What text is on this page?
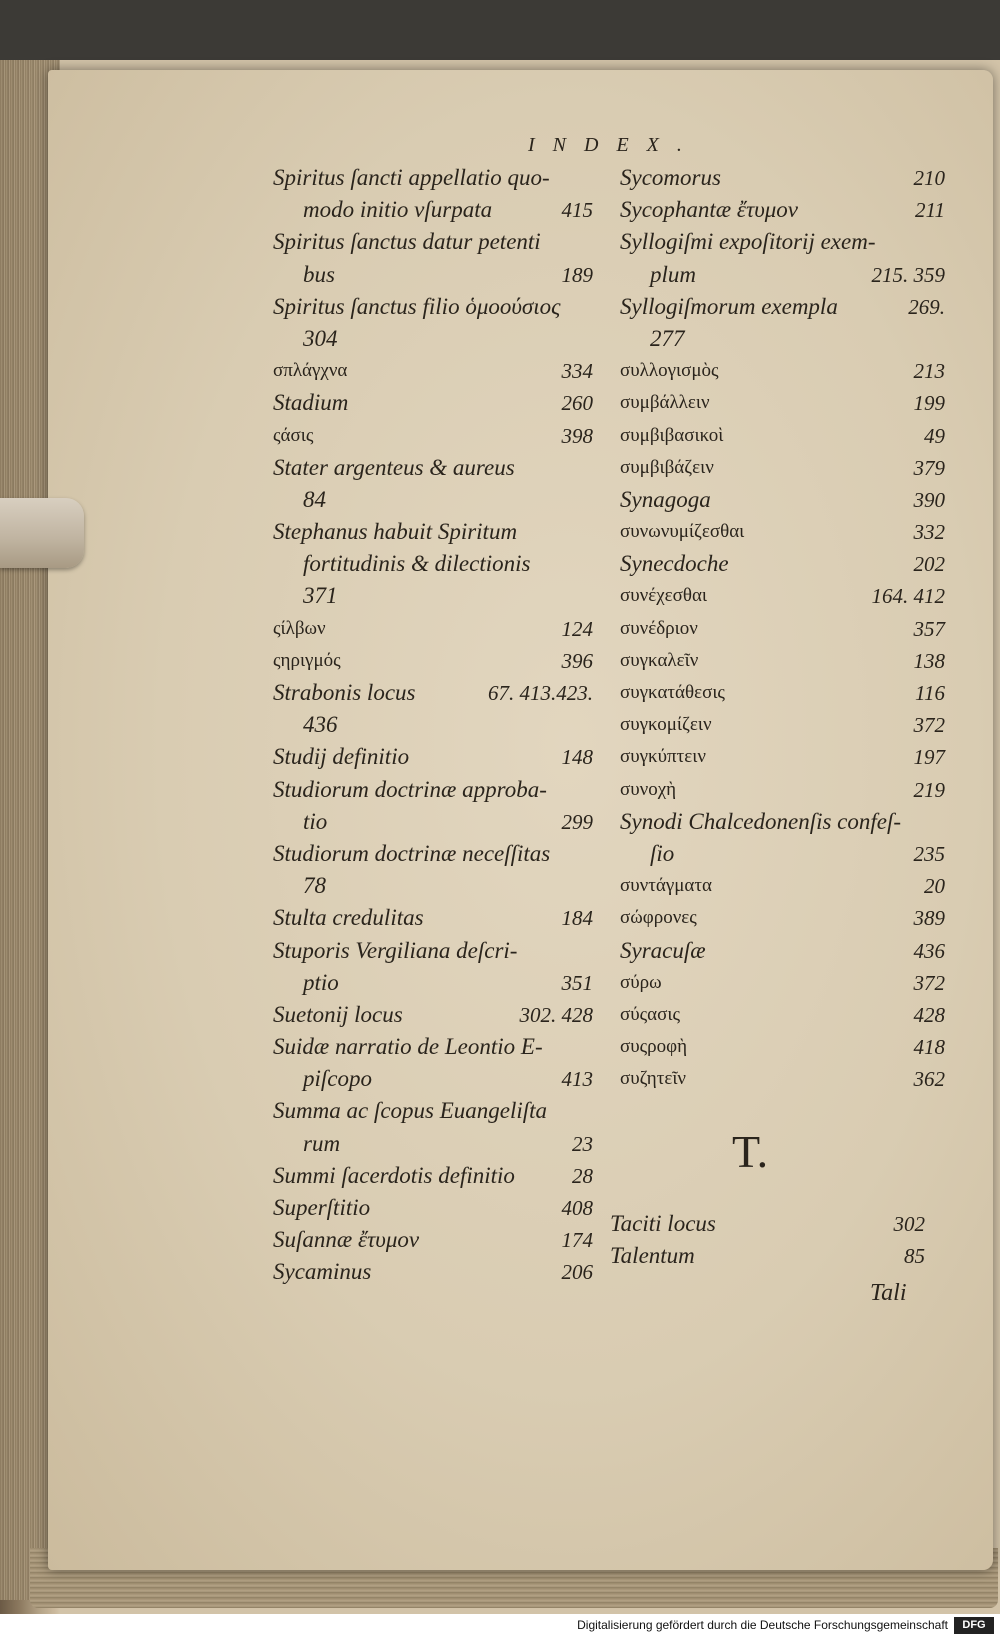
INDEX.
Spiritus ſancti appellatio quo-
modo initio vſurpata	415
Spiritus ſanctus datur petenti
bus	189
Spiritus ſanctus filio ὁμοούσιος
304
σπλάγχνα	334
Stadium	260
ςάσις	398
Stater argenteus & aureus
84
Stephanus habuit Spiritum
fortitudinis & dilectionis
371
ςίλβων	124
ςηριγμός	396
Strabonis locus	67. 413.423.
436
Studij definitio	148
Studiorum doctrinæ approba-
tio	299
Studiorum doctrinæ neceſſitas
78
Stulta credulitas	184
Stuporis Vergiliana deſcri-
ptio	351
Suetonij locus	302. 428
Suidæ narratio de Leontio E-
piſcopo	413
Summa ac ſcopus Euangeliſta
rum	23
Summi ſacerdotis definitio	28
Superſtitio	408
Suſannæ ἔτυμον	174
Sycaminus	206
Sycomorus	210
Sycophantæ ἔτυμον	211
Syllogiſmi expoſitorij exem-
plum	215. 359
Syllogiſmorum exempla	269.
277
συλλογισμὸς	213
συμβάλλειν	199
συμβιβασικοὶ	49
συμβιβάζειν	379
Synagoga	390
συνωνυμίζεσθαι	332
Synecdoche	202
συνέχεσθαι	164. 412
συνέδριον	357
συγκαλεῖν	138
συγκατάθεσις	116
συγκομίζειν	372
συγκύπτειν	197
συνοχὴ	219
Synodi Chalcedonenſis confeſ-
ſio	235
συντάγματα	20
σώφρονες	389
Syracuſæ	436
σύρω	372
σύςασις	428
συςροφὴ	418
συζητεῖν	362
T.
Taciti locus	302
Talentum	85
Tali
Digitalisierung gefördert durch die Deutsche Forschungsgemeinschaft	DFG
